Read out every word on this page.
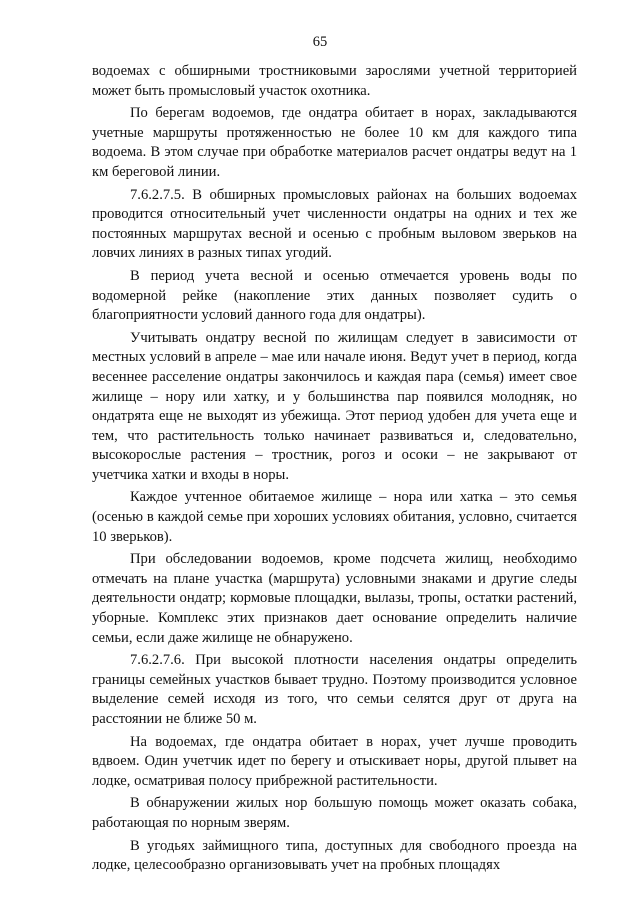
65

водоемах с обширными тростниковыми зарослями учетной территорией может быть промысловый участок охотника.

По берегам водоемов, где ондатра обитает в норах, закладываются учетные маршруты протяженностью не более 10 км для каждого типа водоема. В этом случае при обработке материалов расчет ондатры ведут на 1 км береговой линии.

7.6.2.7.5. В обширных промысловых районах на больших водоемах проводится относительный учет численности ондатры на одних и тех же постоянных маршрутах весной и осенью с пробным выловом зверьков на ловчих линиях в разных типах угодий.

В период учета весной и осенью отмечается уровень воды по водомерной рейке (накопление этих данных позволяет судить о благоприятности условий данного года для ондатры).

Учитывать ондатру весной по жилищам следует в зависимости от местных условий в апреле – мае или начале июня. Ведут учет в период, когда весеннее расселение ондатры закончилось и каждая пара (семья) имеет свое жилище – нору или хатку, и у большинства пар появился молодняк, но ондатрята еще не выходят из убежища. Этот период удобен для учета еще и тем, что растительность только начинает развиваться и, следовательно, высокорослые растения – тростник, рогоз и осоки – не закрывают от учетчика хатки и входы в норы.

Каждое учтенное обитаемое жилище – нора или хатка – это семья (осенью в каждой семье при хороших условиях обитания, условно, считается 10 зверьков).

При обследовании водоемов, кроме подсчета жилищ, необходимо отмечать на плане участка (маршрута) условными знаками и другие следы деятельности ондатр; кормовые площадки, вылазы, тропы, остатки растений, уборные. Комплекс этих признаков дает основание определить наличие семьи, если даже жилище не обнаружено.

7.6.2.7.6. При высокой плотности населения ондатры определить границы семейных участков бывает трудно. Поэтому производится условное выделение семей исходя из того, что семьи селятся друг от друга на расстоянии не ближе 50 м.

На водоемах, где ондатра обитает в норах, учет лучше проводить вдвоем. Один учетчик идет по берегу и отыскивает норы, другой плывет на лодке, осматривая полосу прибрежной растительности.

В обнаружении жилых нор большую помощь может оказать собака, работающая по норным зверям.

В угодьях займищного типа, доступных для свободного проезда на лодке, целесообразно организовывать учет на пробных площадях
